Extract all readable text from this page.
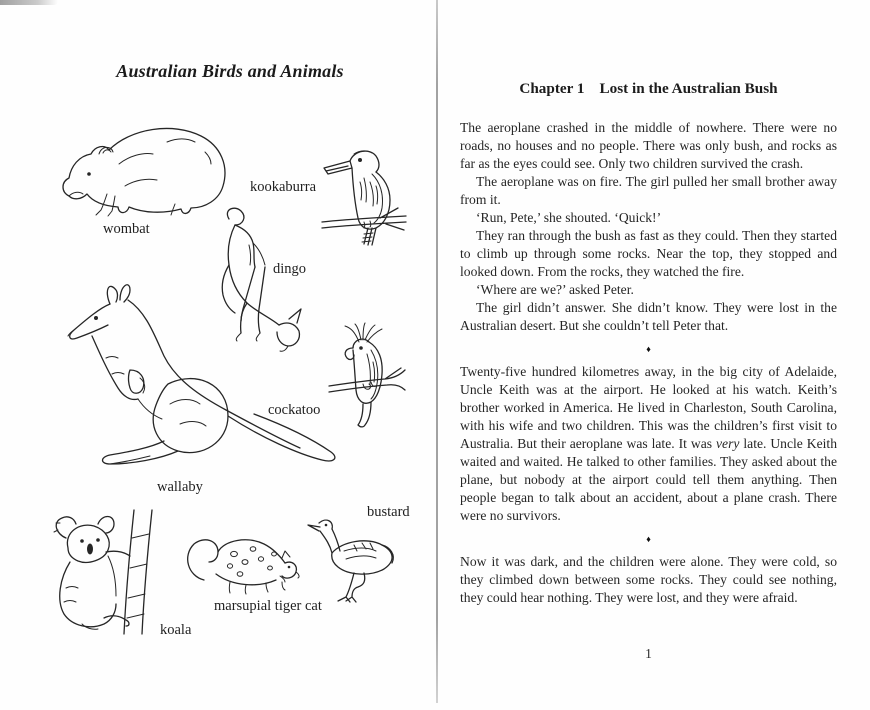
Australian Birds and Animals
wombat
kookaburra
dingo
cockatoo
wallaby
koala
marsupial tiger cat
bustard
Chapter 1 Lost in the Australian Bush

The aeroplane crashed in the middle of nowhere. There were no roads, no houses and no people. There was only bush, and rocks as far as the eyes could see. Only two children survived the crash.

The aeroplane was on fire. The girl pulled her small brother away from it.

‘Run, Pete,’ she shouted. ‘Quick!’

They ran through the bush as fast as they could. Then they started to climb up through some rocks. Near the top, they stopped and looked down. From the rocks, they watched the fire.

‘Where are we?’ asked Peter.

The girl didn’t answer. She didn’t know. They were lost in the Australian desert. But she couldn’t tell Peter that.

♦

Twenty-five hundred kilometres away, in the big city of Adelaide, Uncle Keith was at the airport. He looked at his watch. Keith’s brother worked in America. He lived in Charleston, South Carolina, with his wife and two children. This was the children’s first visit to Australia. But their aeroplane was late. It was very late. Uncle Keith waited and waited. He talked to other families. They asked about the plane, but nobody at the airport could tell them anything. Then people began to talk about an accident, about a plane crash. There were no survivors.

♦

Now it was dark, and the children were alone. They were cold, so they climbed down between some rocks. They could see nothing, they could hear nothing. They were lost, and they were afraid.

1
